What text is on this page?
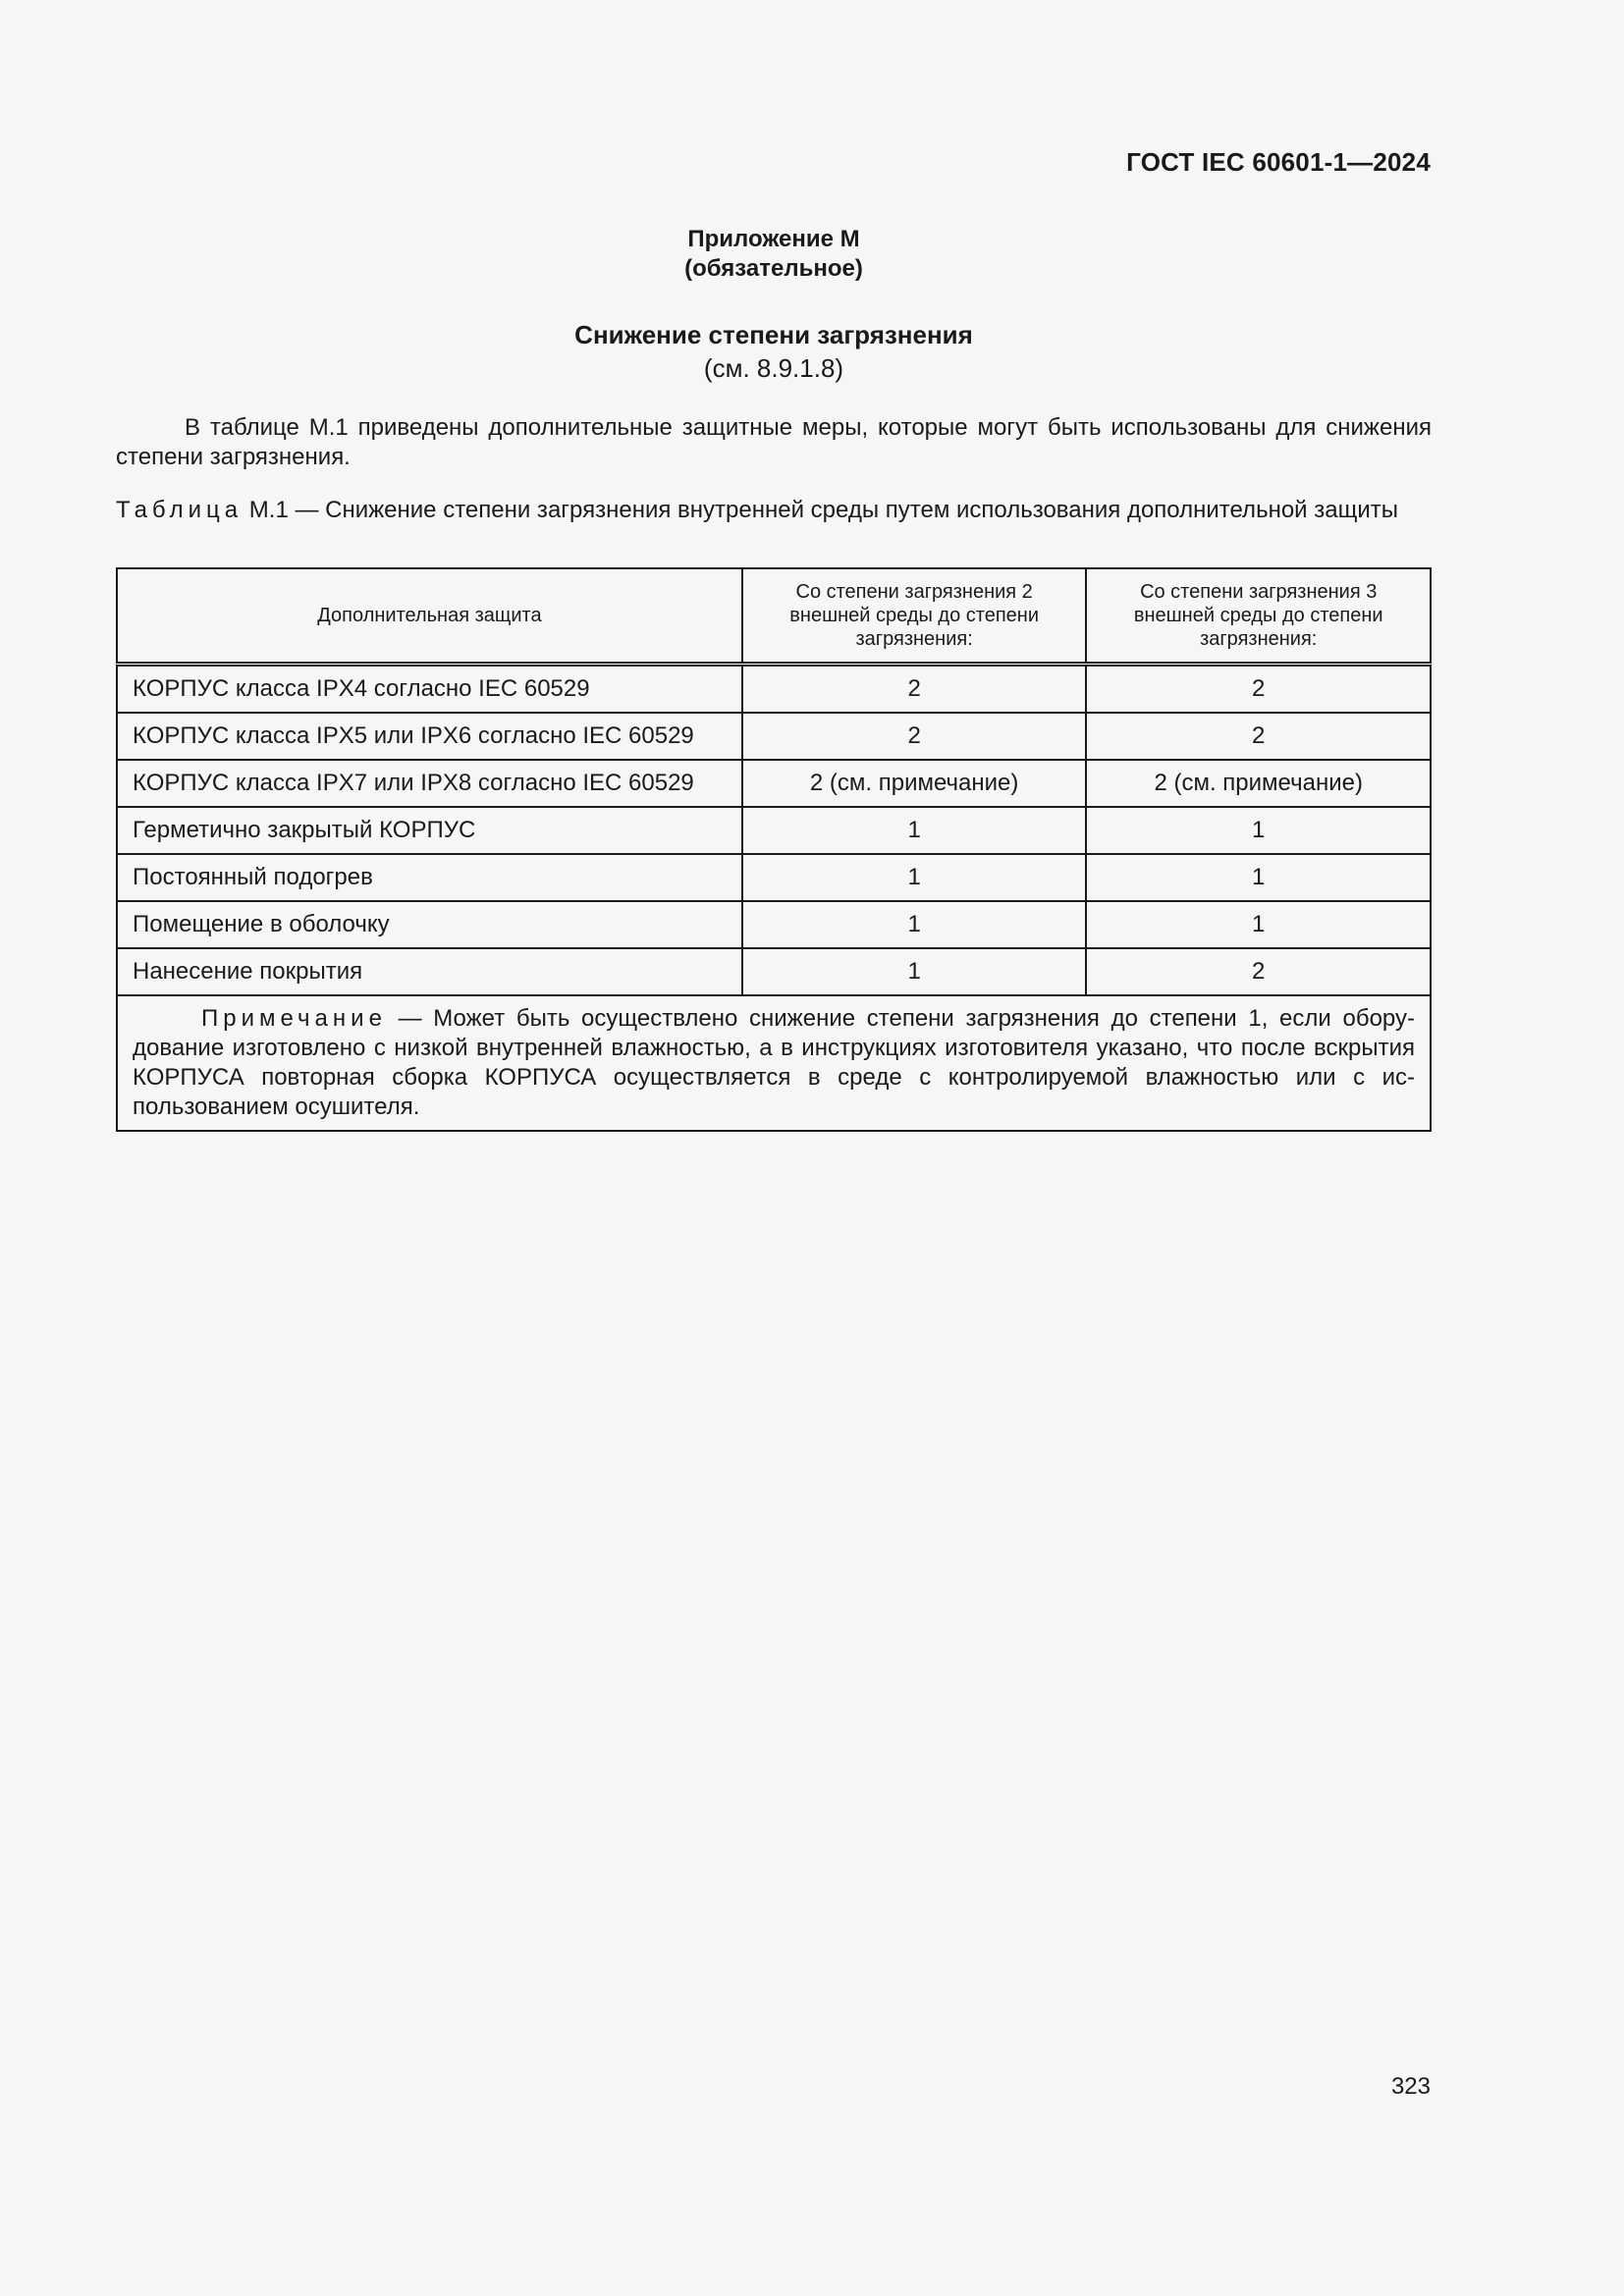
ГОСТ IEC 60601-1—2024
Приложение М
(обязательное)
Снижение степени загрязнения
(см. 8.9.1.8)

В таблице М.1 приведены дополнительные защитные меры, которые могут быть использованы для снижения степени загрязнения.

Таблица М.1 — Снижение степени загрязнения внутренней среды путем использования дополнительной защиты

Дополнительная защита	Со степени загрязнения 2 внешней среды до степени загрязнения:	Со степени загрязнения 3 внешней среды до степени загрязнения:
КОРПУС класса IPX4 согласно IEC 60529	2	2
КОРПУС класса IPX5 или IPX6 согласно IEC 60529	2	2
КОРПУС класса IPX7 или IPX8 согласно IEC 60529	2 (см. примечание)	2 (см. примечание)
Герметично закрытый КОРПУС	1	1
Постоянный подогрев	1	1
Помещение в оболочку	1	1
Нанесение покрытия	1	2
Примечание — Может быть осуществлено снижение степени загрязнения до степени 1, если оборудование изготовлено с низкой внутренней влажностью, а в инструкциях изготовителя указано, что после вскрытия КОРПУСА повторная сборка КОРПУСА осуществляется в среде с контролируемой влажностью или с использованием осушителя.		
323
